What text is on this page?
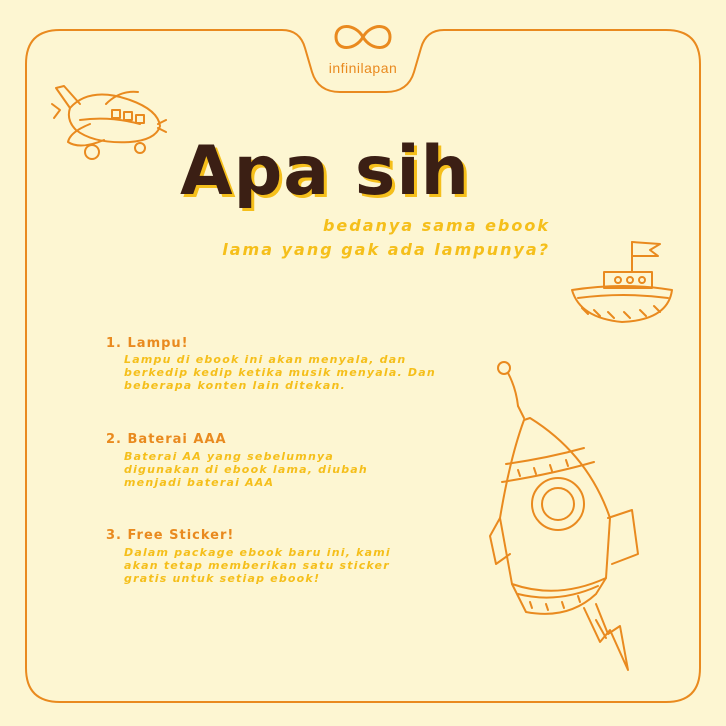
infinilapan
Apa sih
bedanya sama ebook
lama yang gak ada lampunya?
1. Lampu!
Lampu di ebook ini akan menyala, dan
berkedip kedip ketika musik menyala. Dan
beberapa konten lain ditekan.
2. Baterai AAA
Baterai AA yang sebelumnya
digunakan di ebook lama, diubah
menjadi baterai AAA
3. Free Sticker!
Dalam package ebook baru ini, kami
akan tetap memberikan satu sticker
gratis untuk setiap ebook!
